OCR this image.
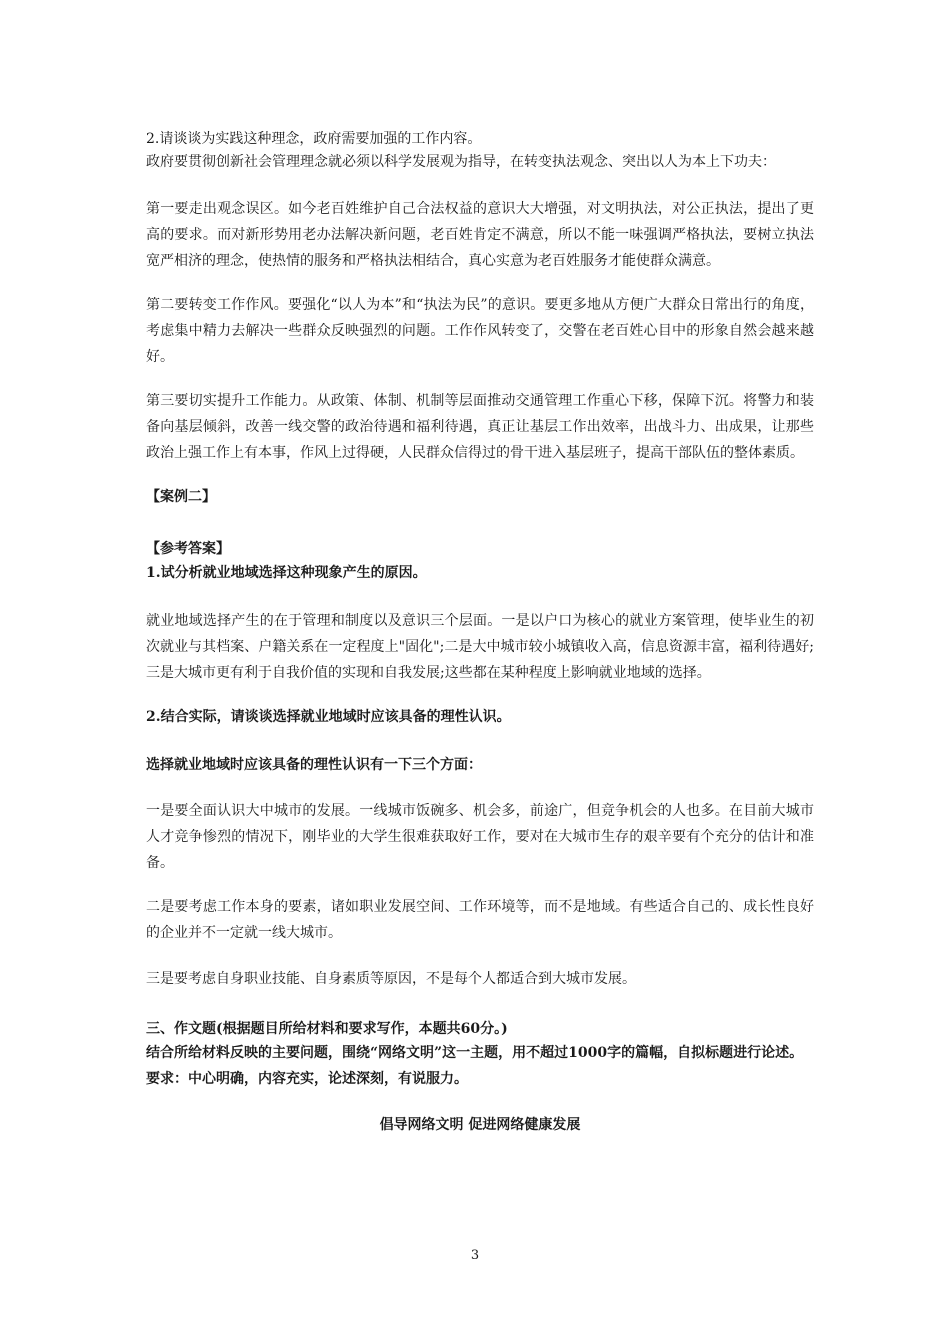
2.请谈谈为实践这种理念，政府需要加强的工作内容。

政府要贯彻创新社会管理理念就必须以科学发展观为指导，在转变执法观念、突出以人为本上下功夫：

第一要走出观念误区。如今老百姓维护自己合法权益的意识大大增强，对文明执法，对公正执法，提出了更高的要求。而对新形势用老办法解决新问题，老百姓肯定不满意，所以不能一味强调严格执法，要树立执法宽严相济的理念，使热情的服务和严格执法相结合，真心实意为老百姓服务才能使群众满意。

第二要转变工作作风。要强化“以人为本”和“执法为民”的意识。要更多地从方便广大群众日常出行的角度，考虑集中精力去解决一些群众反映强烈的问题。工作作风转变了，交警在老百姓心目中的形象自然会越来越好。

第三要切实提升工作能力。从政策、体制、机制等层面推动交通管理工作重心下移，保障下沉。将警力和装备向基层倾斜，改善一线交警的政治待遇和福利待遇，真正让基层工作出效率，出战斗力、出成果，让那些政治上强工作上有本事，作风上过得硬，人民群众信得过的骨干进入基层班子，提高干部队伍的整体素质。

【案例二】

【参考答案】

1.试分析就业地域选择这种现象产生的原因。

就业地域选择产生的在于管理和制度以及意识三个层面。一是以户口为核心的就业方案管理，使毕业生的初次就业与其档案、户籍关系在一定程度上"固化";二是大中城市较小城镇收入高，信息资源丰富，福利待遇好;三是大城市更有利于自我价值的实现和自我发展;这些都在某种程度上影响就业地域的选择。

2.结合实际，请谈谈选择就业地域时应该具备的理性认识。

选择就业地域时应该具备的理性认识有一下三个方面：

一是要全面认识大中城市的发展。一线城市饭碗多、机会多，前途广，但竞争机会的人也多。在目前大城市人才竞争惨烈的情况下，刚毕业的大学生很难获取好工作，要对在大城市生存的艰辛要有个充分的估计和准备。

二是要考虑工作本身的要素，诸如职业发展空间、工作环境等，而不是地域。有些适合自己的、成长性良好的企业并不一定就一线大城市。

三是要考虑自身职业技能、自身素质等原因，不是每个人都适合到大城市发展。

三、作文题(根据题目所给材料和要求写作，本题共60分。)

结合所给材料反映的主要问题，围绕“网络文明”这一主题，用不超过1000字的篇幅，自拟标题进行论述。

要求：中心明确，内容充实，论述深刻，有说服力。

倡导网络文明 促进网络健康发展

3
